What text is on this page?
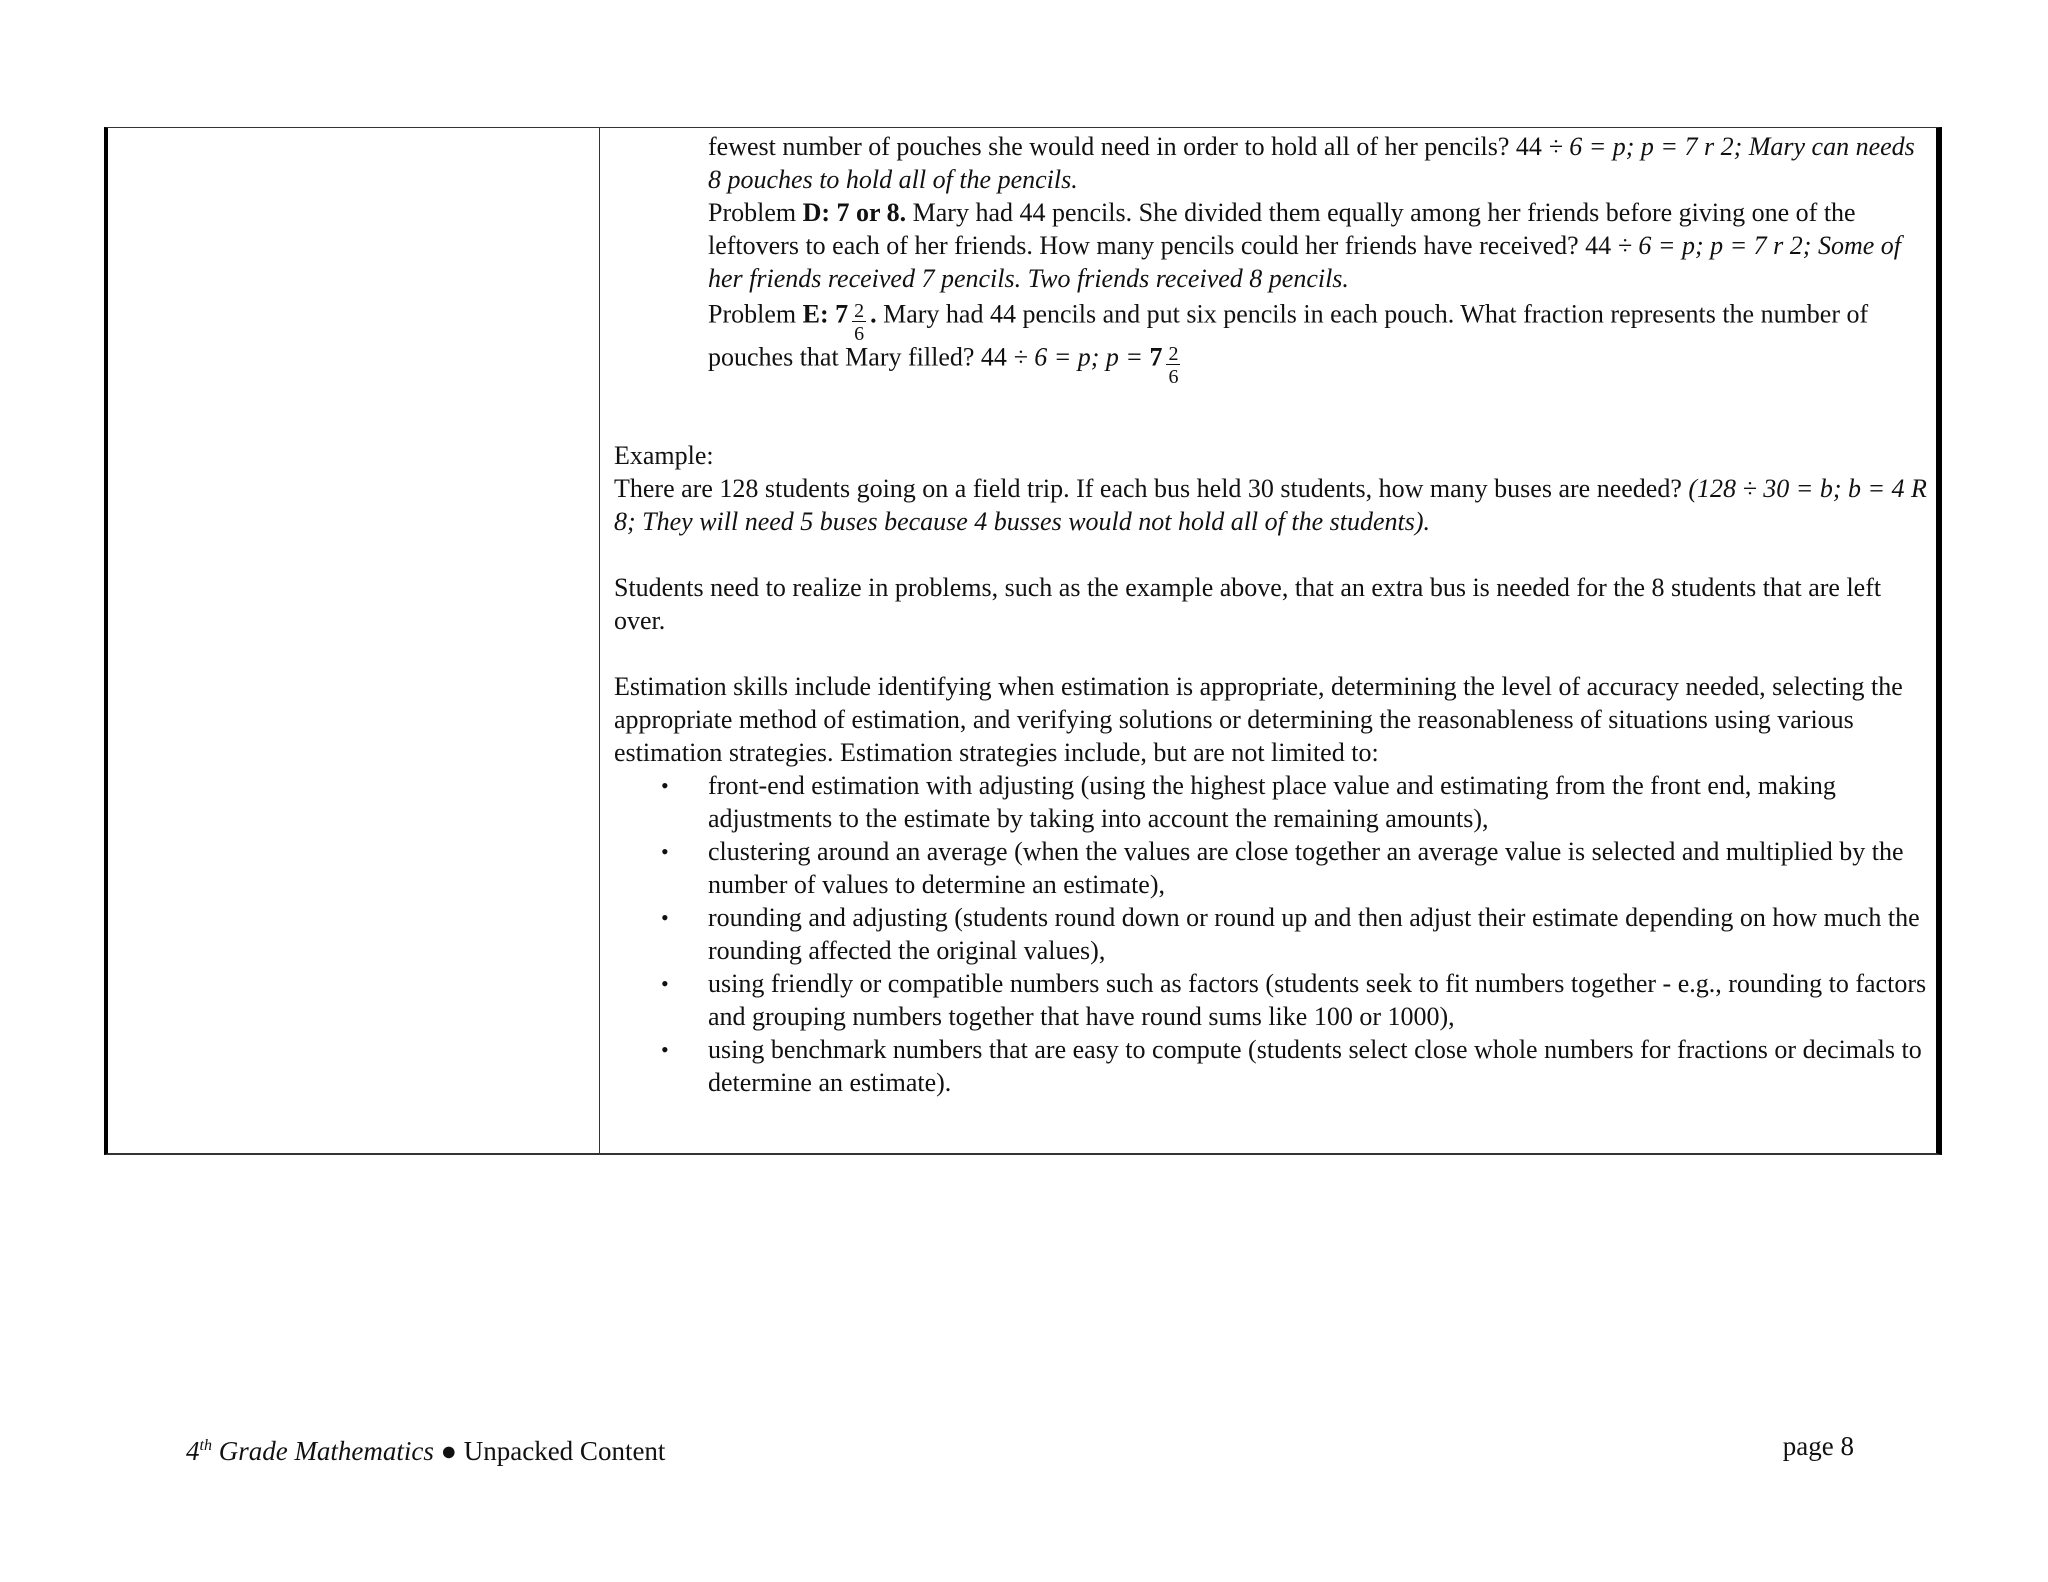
fewest number of pouches she would need in order to hold all of her pencils? 44 ÷ 6 = p; p = 7 r 2; Mary can needs 8 pouches to hold all of the pencils.

Problem D: 7 or 8. Mary had 44 pencils. She divided them equally among her friends before giving one of the leftovers to each of her friends. How many pencils could her friends have received? 44 ÷ 6 = p; p = 7 r 2; Some of her friends received 7 pencils. Two friends received 8 pencils.

Problem E: $7 \frac{2}{6}$ . Mary had 44 pencils and put six pencils in each pouch. What fraction represents the number of pouches that Mary filled? 44 ÷ 6 = p; $p = 7 \frac{2}{6}$

Example:

There are 128 students going on a field trip. If each bus held 30 students, how many buses are needed? (128 ÷ 30 = b; b = 4 R 8; They will need 5 buses because 4 busses would not hold all of the students).

Students need to realize in problems, such as the example above, that an extra bus is needed for the 8 students that are left over.

Estimation skills include identifying when estimation is appropriate, determining the level of accuracy needed, selecting the appropriate method of estimation, and verifying solutions or determining the reasonableness of situations using various estimation strategies. Estimation strategies include, but are not limited to:

• front-end estimation with adjusting (using the highest place value and estimating from the front end, making adjustments to the estimate by taking into account the remaining amounts),
• clustering around an average (when the values are close together an average value is selected and multiplied by the number of values to determine an estimate),
• rounding and adjusting (students round down or round up and then adjust their estimate depending on how much the rounding affected the original values),
• using friendly or compatible numbers such as factors (students seek to fit numbers together - e.g., rounding to factors and grouping numbers together that have round sums like 100 or 1000),
• using benchmark numbers that are easy to compute (students select close whole numbers for fractions or decimals to determine an estimate).
4th Grade Mathematics ● Unpacked Content	page 8
